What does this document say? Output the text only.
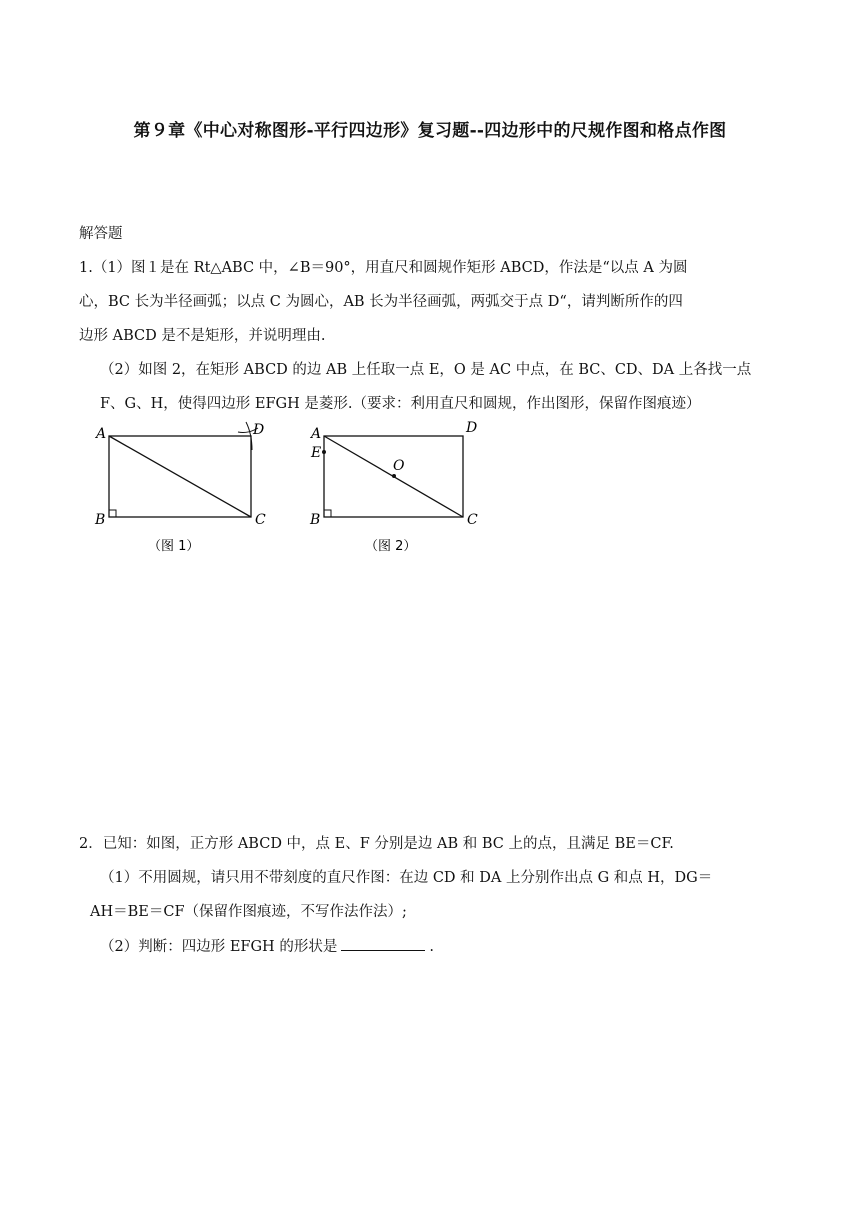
第９章《中心对称图形-平行四边形》复习题--四边形中的尺规作图和格点作图
解答题
1.（1）图１是在 Rt△ABC 中，∠B＝90°，用直尺和圆规作矩形 ABCD，作法是“以点 A 为圆
心，BC 长为半径画弧；以点 C 为圆心，AB 长为半径画弧，两弧交于点 D“，请判断所作的四
边形 ABCD 是不是矩形，并说明理由.
（2）如图 2，在矩形 ABCD 的边 AB 上任取一点 E，O 是 AC 中点，在 BC、CD、DA 上各找一点
F、G、H，使得四边形 EFGH 是菱形.（要求：利用直尺和圆规，作出图形，保留作图痕迹）
A
B	C
D
（图 1）
A
E
B	C
D
O
（图 2）
2．已知：如图，正方形 ABCD 中，点 E、F 分别是边 AB 和 BC 上的点，且满足 BE＝CF.
（1）不用圆规，请只用不带刻度的直尺作图：在边 CD 和 DA 上分别作出点 G 和点 H，DG＝
AH＝BE＝CF（保留作图痕迹，不写作法作法）;
（2）判断：四边形 EFGH 的形状是	.
